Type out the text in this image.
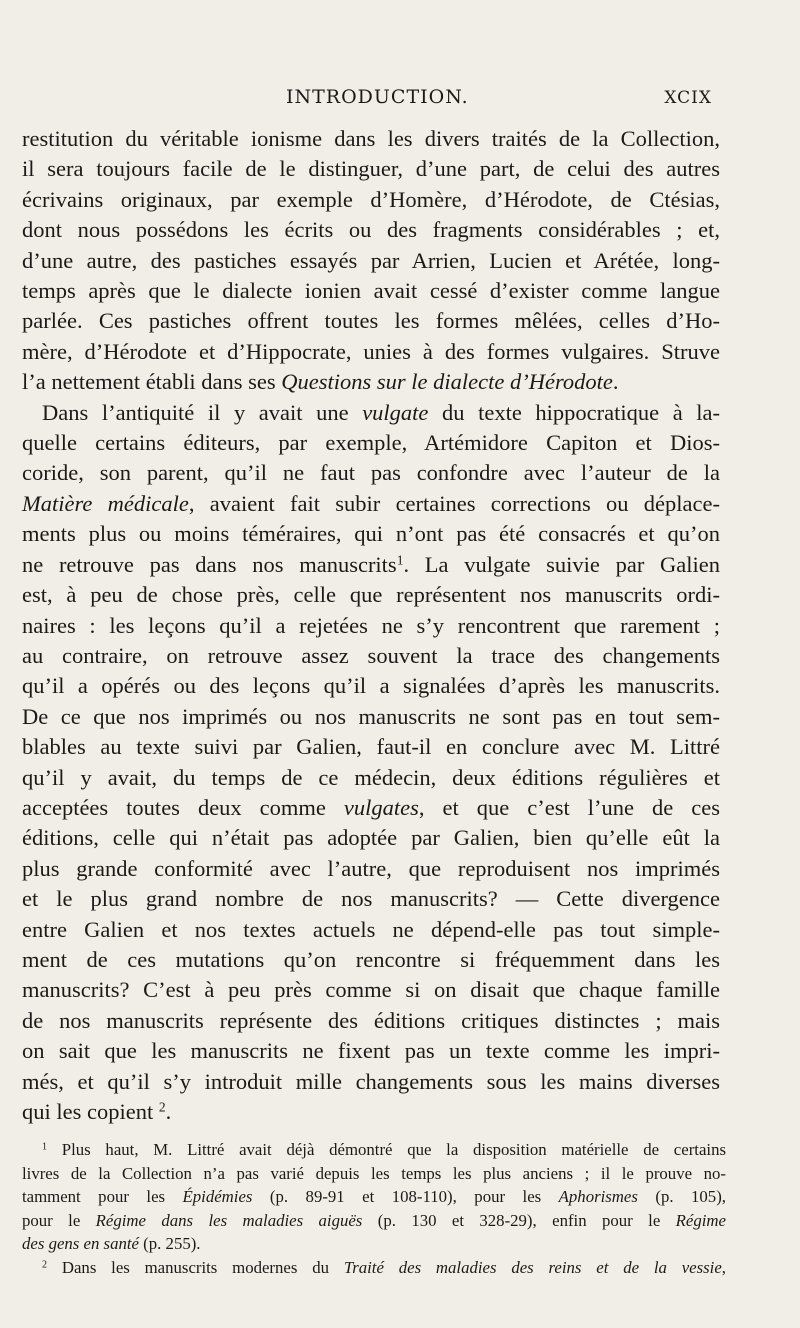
INTRODUCTION.	XCIX
restitution du véritable ionisme dans les divers traités de la Collection,
il sera toujours facile de le distinguer, d’une part, de celui des autres
écrivains originaux, par exemple d’Homère, d’Hérodote, de Ctésias,
dont nous possédons les écrits ou des fragments considérables ; et,
d’une autre, des pastiches essayés par Arrien, Lucien et Arétée, long-
temps après que le dialecte ionien avait cessé d’exister comme langue
parlée. Ces pastiches offrent toutes les formes mêlées, celles d’Ho-
mère, d’Hérodote et d’Hippocrate, unies à des formes vulgaires. Struve
l’a nettement établi dans ses Questions sur le dialecte d’Hérodote.
Dans l’antiquité il y avait une vulgate du texte hippocratique à la-
quelle certains éditeurs, par exemple, Artémidore Capiton et Dios-
coride, son parent, qu’il ne faut pas confondre avec l’auteur de la
Matière médicale, avaient fait subir certaines corrections ou déplace-
ments plus ou moins téméraires, qui n’ont pas été consacrés et qu’on
ne retrouve pas dans nos manuscrits$^1$. La vulgate suivie par Galien
est, à peu de chose près, celle que représentent nos manuscrits ordi-
naires : les leçons qu’il a rejetées ne s’y rencontrent que rarement ;
au contraire, on retrouve assez souvent la trace des changements
qu’il a opérés ou des leçons qu’il a signalées d’après les manuscrits.
De ce que nos imprimés ou nos manuscrits ne sont pas en tout sem-
blables au texte suivi par Galien, faut-il en conclure avec M. Littré
qu’il y avait, du temps de ce médecin, deux éditions régulières et
acceptées toutes deux comme vulgates, et que c’est l’une de ces
éditions, celle qui n’était pas adoptée par Galien, bien qu’elle eût la
plus grande conformité avec l’autre, que reproduisent nos imprimés
et le plus grand nombre de nos manuscrits? — Cette divergence
entre Galien et nos textes actuels ne dépend-elle pas tout simple-
ment de ces mutations qu’on rencontre si fréquemment dans les
manuscrits? C’est à peu près comme si on disait que chaque famille
de nos manuscrits représente des éditions critiques distinctes ; mais
on sait que les manuscrits ne fixent pas un texte comme les impri-
més, et qu’il s’y introduit mille changements sous les mains diverses
qui les copient $^2$.
$^1$ Plus haut, M. Littré avait déjà démontré que la disposition matérielle de certains
livres de la Collection n’a pas varié depuis les temps les plus anciens ; il le prouve no-
tamment pour les Épidémies (p. 89-91 et 108-110), pour les Aphorismes (p. 105),
pour le Régime dans les maladies aiguës (p. 130 et 328-29), enfin pour le Régime
des gens en santé (p. 255).
$^2$ Dans les manuscrits modernes du Traité des maladies des reins et de la vessie,
